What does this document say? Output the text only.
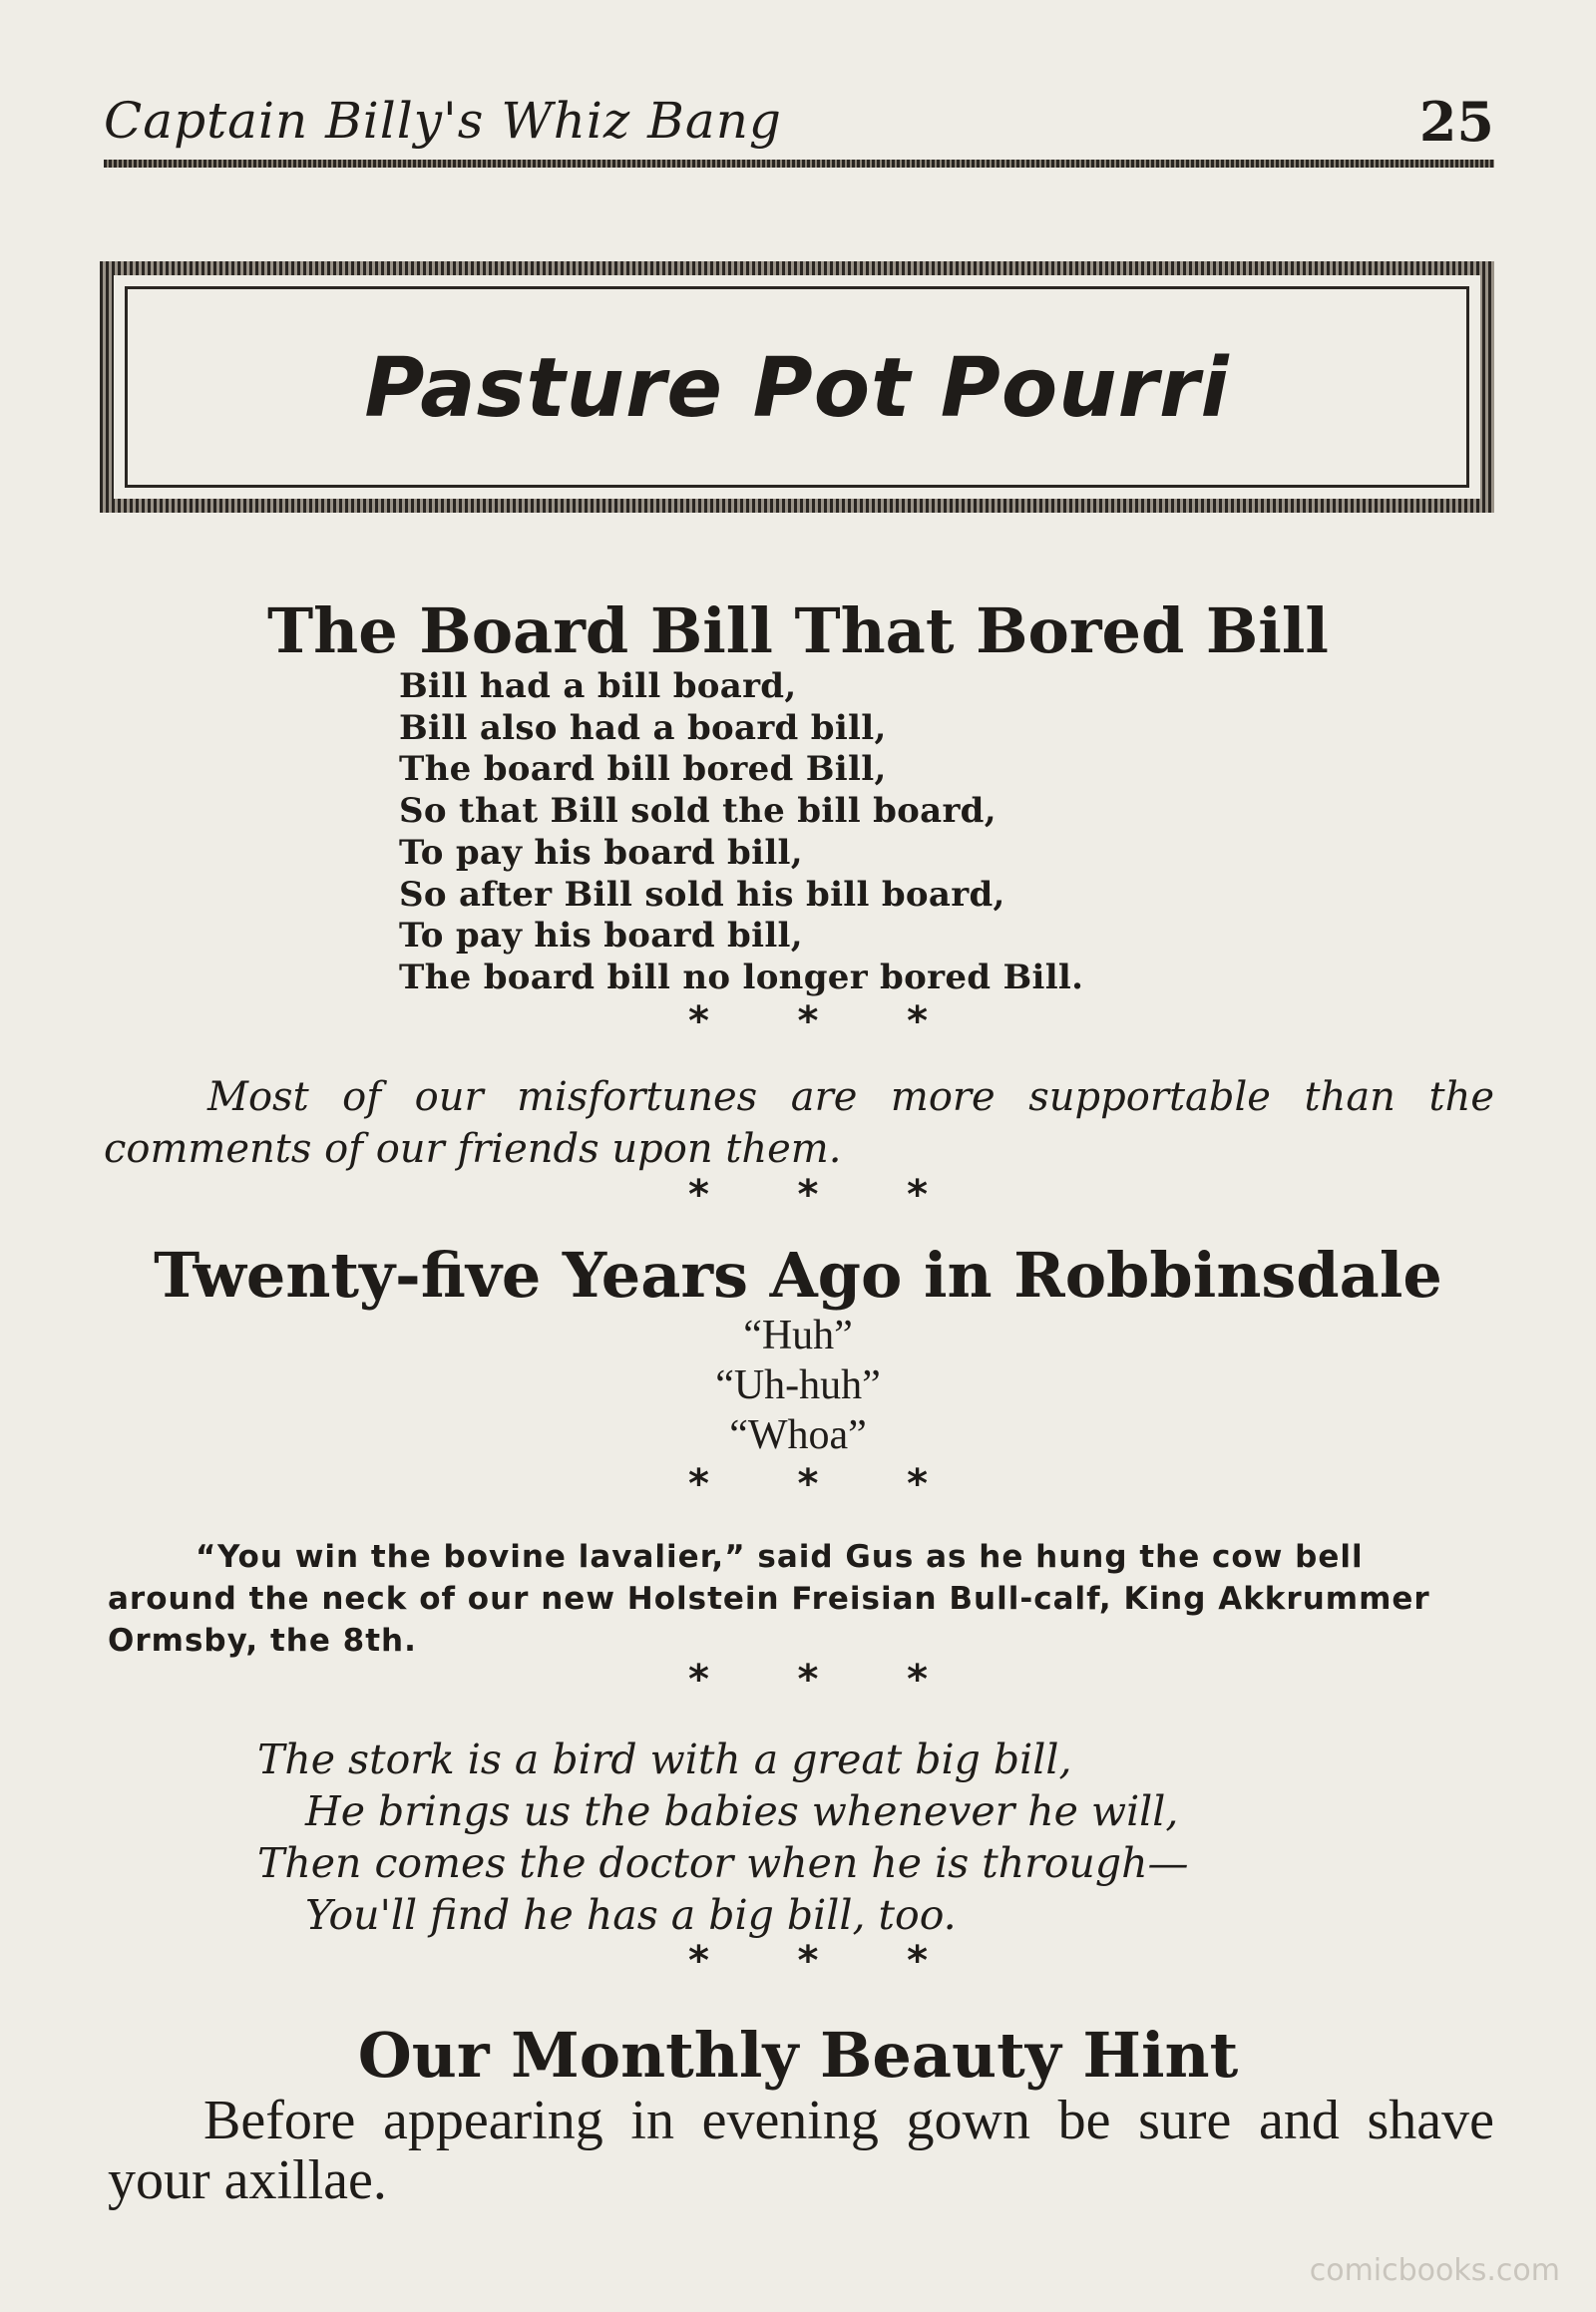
Captain Billy's Whiz Bang	25
Pasture Pot Pourri
The Board Bill That Bored Bill
Bill had a bill board,
Bill also had a board bill,
The board bill bored Bill,
So that Bill sold the bill board,
To pay his board bill,
So after Bill sold his bill board,
To pay his board bill,
The board bill no longer bored Bill.
* * *

Most of our misfortunes are more supportable than the comments of our friends upon them.

* * *
Twenty-five Years Ago in Robbinsdale
“Huh”
“Uh-huh”
“Whoa”
* * *

“You win the bovine lavalier,” said Gus as he hung the cow bell around the neck of our new Holstein Freisian Bull-calf, King Akkrummer Ormsby, the 8th.

* * *
The stork is a bird with a great big bill,
He brings us the babies whenever he will,
Then comes the doctor when he is through—
You'll find he has a big bill, too.
* * *
Our Monthly Beauty Hint

Before appearing in evening gown be sure and shave your axillae.

comicbooks.com
